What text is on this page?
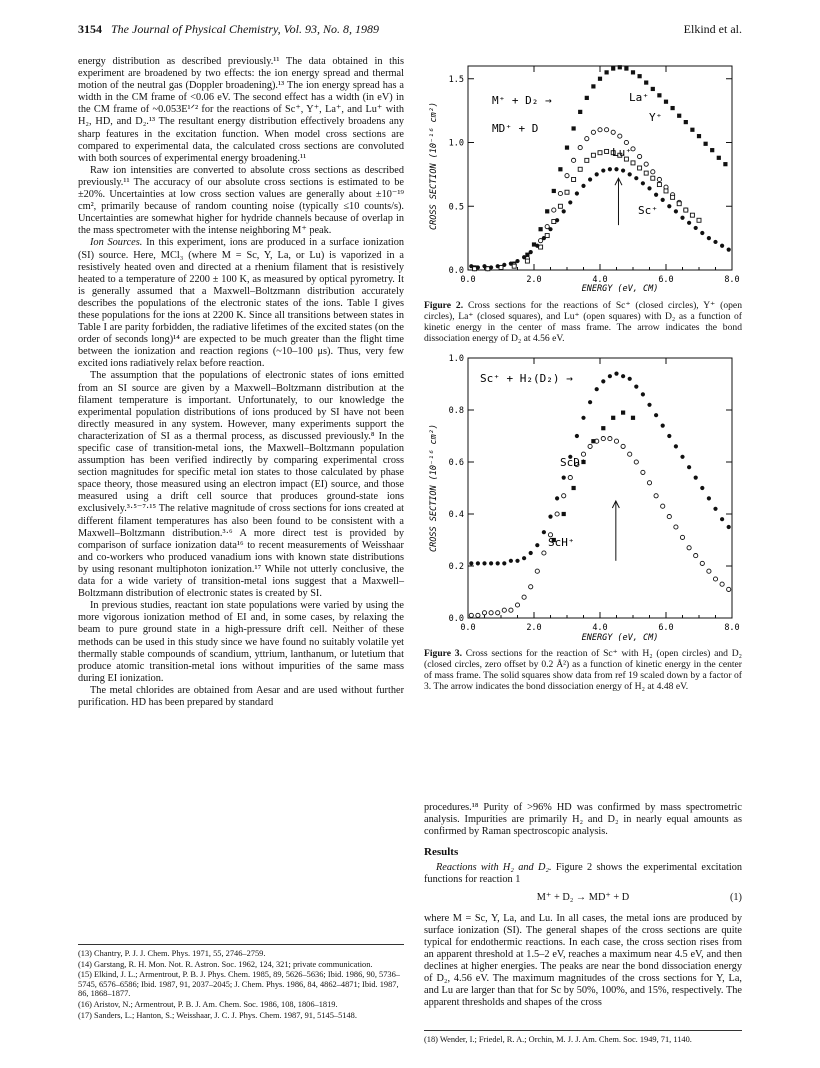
3154 The Journal of Physical Chemistry, Vol. 93, No. 8, 1989	Elkind et al.

energy distribution as described previously.¹¹ The data obtained in this experiment are broadened by two effects: the ion energy spread and thermal motion of the neutral gas (Doppler broadening).¹³ The ion energy spread has a width in the CM frame of <0.06 eV. The second effect has a width (in eV) in the CM frame of ~0.053E¹ᐟ² for the reactions of Sc⁺, Y⁺, La⁺, and Lu⁺ with H₂, HD, and D₂.¹³ The resultant energy distribution effectively broadens any sharp features in the excitation function. When model cross sections are compared to experimental data, the calculated cross sections are convoluted with both sources of experimental energy broadening.¹¹

Raw ion intensities are converted to absolute cross sections as described previously.¹¹ The accuracy of our absolute cross sections is estimated to be ±20%. Uncertainties at low cross section values are generally about ±10⁻¹⁹ cm², primarily because of random counting noise (typically ≤10 counts/s). Uncertainties are somewhat higher for hydride channels because of overlap in the mass spectrometer with the intense neighboring M⁺ peak.

Ion Sources. In this experiment, ions are produced in a surface ionization (SI) source. Here, MCl₃ (where M = Sc, Y, La, or Lu) is vaporized in a resistively heated oven and directed at a rhenium filament that is resistively heated to a temperature of 2200 ± 100 K, as measured by optical pyrometry. It is generally assumed that a Maxwell–Boltzmann distribution accurately describes the populations of the electronic states of the ions. Table I gives these populations for the ions at 2200 K. Since all transitions between states in Table I are parity forbidden, the radiative lifetimes of the excited states (on the order of seconds long)¹⁴ are expected to be much greater than the flight time between the ionization and reaction regions (~10–100 μs). Thus, very few excited ions radiatively relax before reaction.

The assumption that the populations of electronic states of ions emitted from an SI source are given by a Maxwell–Boltzmann distribution at the filament temperature is important. Unfortunately, to our knowledge the experimental population distributions of ions produced by SI have not been directly measured in any system. However, many experiments support the characterization of SI as a thermal process, as discussed previously.⁸ In the specific case of transition-metal ions, the Maxwell–Boltzmann population assumption has been verified indirectly by comparing experimental cross section magnitudes for specific metal ion states to those calculated by phase space theory, those measured using an electron impact (EI) source, and those measured using a drift cell source that produces ground-state ions exclusively.³·⁵⁻⁷·¹⁵ The relative magnitude of cross sections for ions created at different filament temperatures has also been found to be consistent with a Maxwell–Boltzmann distribution.³·⁶ A more direct test is provided by comparison of surface ionization data¹⁶ to recent measurements of Weisshaar and co-workers who produced vanadium ions with known state distributions by using resonant multiphoton ionization.¹⁷ While not utterly conclusive, the data for a wide variety of transition-metal ions suggest that a Maxwell–Boltzmann distribution of electronic states is created by SI.

In previous studies, reactant ion state populations were varied by using the more vigorous ionization method of EI and, in some cases, by relaxing the beam to pure ground state in a high-pressure drift cell. Neither of these methods can be used in this study since we have found no suitably volatile yet thermally stable compounds of scandium, yttrium, lanthanum, or lutetium that produce atomic transition-metal ions without impurities of the same mass during EI ionization.

The metal chlorides are obtained from Aesar and are used without further purification. HD has been prepared by standard

(13) Chantry, P. J. J. Chem. Phys. 1971, 55, 2746–2759.
(14) Garstang, R. H. Mon. Not. R. Astron. Soc. 1962, 124, 321; private communication.
(15) Elkind, J. L.; Armentrout, P. B. J. Phys. Chem. 1985, 89, 5626–5636; Ibid. 1986, 90, 5736–5745, 6576–6586; Ibid. 1987, 91, 2037–2045; J. Chem. Phys. 1986, 84, 4862–4871; Ibid. 1987, 86, 1868–1877.
(16) Aristov, N.; Armentrout, P. B. J. Am. Chem. Soc. 1986, 108, 1806–1819.
(17) Sanders, L.; Hanton, S.; Weisshaar, J. C. J. Phys. Chem. 1987, 91, 5145–5148.
0.0	2.0	4.0	6.0	8.0
0.0
0.5
1.0
1.5
M⁺ + D₂ →
MD⁺ + D
La⁺
Y⁺
Lu⁺
Sc⁺
ENERGY (eV, CM)
CROSS SECTION (10⁻¹⁶ cm²)
Figure 2. Cross sections for the reactions of Sc⁺ (closed circles), Y⁺ (open circles), La⁺ (closed squares), and Lu⁺ (open squares) with D₂ as a function of kinetic energy in the center of mass frame. The arrow indicates the bond dissociation energy of D₂ at 4.56 eV.
0.0	2.0	4.0	6.0	8.0
0.0
0.2
0.4
0.6
0.8
1.0
Sc⁺ + H₂(D₂) →
ScD⁺
ScH⁺
ENERGY (eV, CM)
CROSS SECTION (10⁻¹⁶ cm²)
Figure 3. Cross sections for the reaction of Sc⁺ with H₂ (open circles) and D₂ (closed circles, zero offset by 0.2 Å²) as a function of kinetic energy in the center of mass frame. The solid squares show data from ref 19 scaled down by a factor of 3. The arrow indicates the bond dissociation energy of H₂ at 4.48 eV.

procedures.¹⁸ Purity of >96% HD was confirmed by mass spectrometric analysis. Impurities are primarily H₂ and D₂ in nearly equal amounts as confirmed by Raman spectroscopic analysis.

Results

Reactions with H₂ and D₂. Figure 2 shows the experimental excitation functions for reaction 1

M⁺ + D₂ → MD⁺ + D	(1)

where M = Sc, Y, La, and Lu. In all cases, the metal ions are produced by surface ionization (SI). The general shapes of the cross sections are quite typical for endothermic reactions. In each case, the cross section rises from an apparent threshold at 1.5–2 eV, reaches a maximum near 4.5 eV, and then declines at higher energies. The peaks are near the bond dissociation energy of D₂, 4.56 eV. The maximum magnitudes of the cross sections for Y, La, and Lu are larger than that for Sc by 50%, 100%, and 15%, respectively. The apparent thresholds and shapes of the cross

(18) Wender, I.; Friedel, R. A.; Orchin, M. J. J. Am. Chem. Soc. 1949, 71, 1140.
